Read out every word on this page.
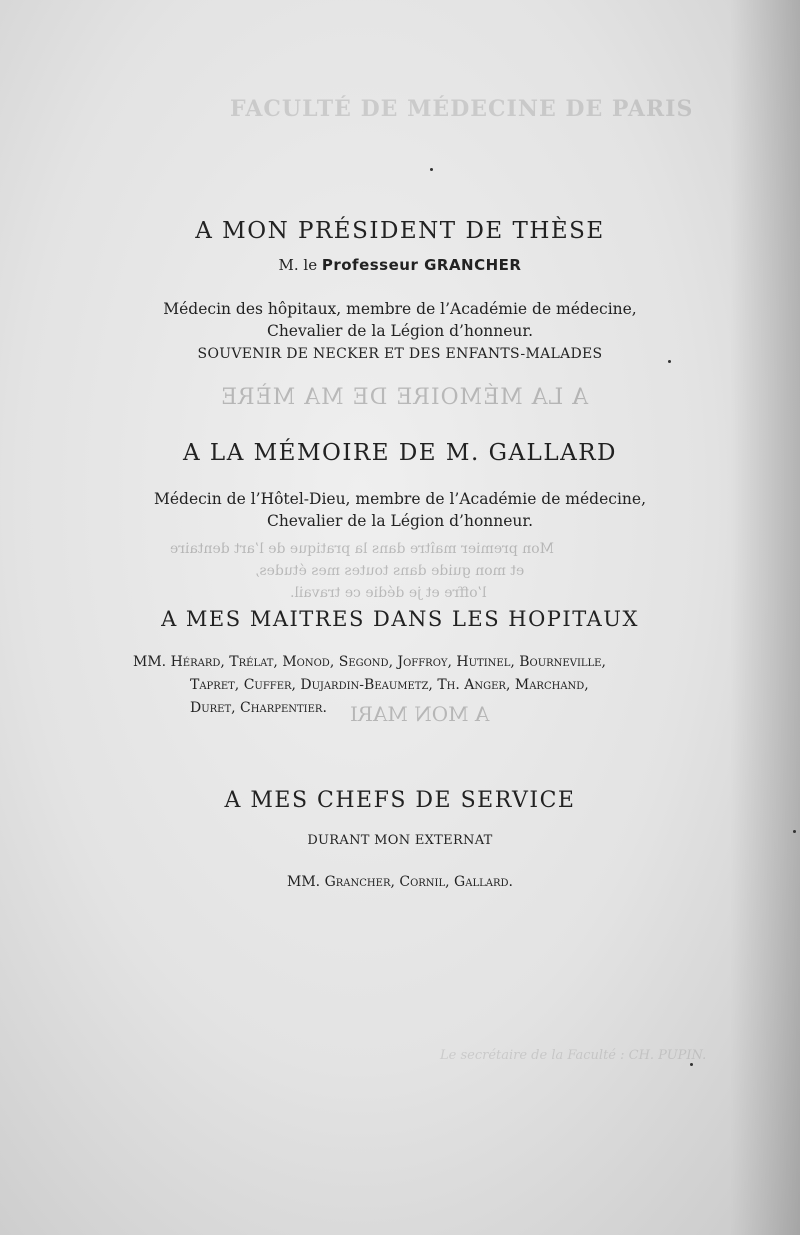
FACULTÉ DE MÉDECINE DE PARIS
A LA MÉMOIRE DE MA MÈRE
Mon premier maître dans la pratique de l’art dentaire
et mon guide dans toutes mes études,
l’offre et je dédie ce travail.
A MON MARI
Le secrétaire de la Faculté : CH. PUPIN.
A MON PRÉSIDENT DE THÈSE
M. le Professeur GRANCHER
Médecin des hôpitaux, membre de l’Académie de médecine,
Chevalier de la Légion d’honneur.
SOUVENIR DE NECKER ET DES ENFANTS-MALADES
A LA MÉMOIRE DE M. GALLARD
Médecin de l’Hôtel-Dieu, membre de l’Académie de médecine,
Chevalier de la Légion d’honneur.
A MES MAITRES DANS LES HOPITAUX
MM. Hérard, Trélat, Monod, Segond, Joffroy, Hutinel, Bourneville,
Tapret, Cuffer, Dujardin-Beaumetz, Th. Anger, Marchand,
Duret, Charpentier.
A MES CHEFS DE SERVICE
DURANT MON EXTERNAT
MM. Grancher, Cornil, Gallard.
